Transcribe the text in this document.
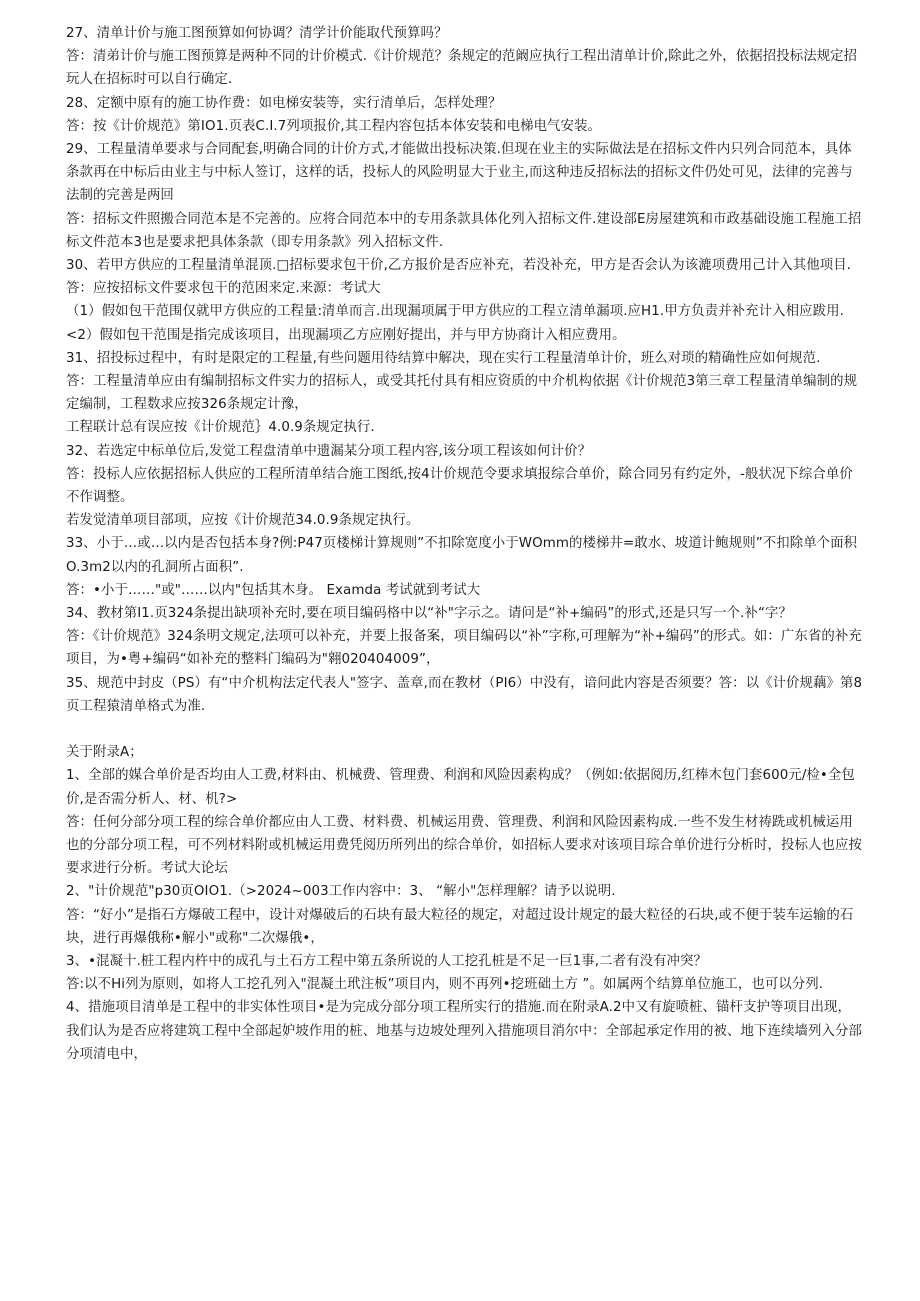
27、清单计价与施工图预算如何协调？清学计价能取代预算吗？

答：清弟计价与施工图预算是两种不同的计价模式.《计价规范？条规定的范阚应执行工程出清单计价,除此之外，依据招投标法规定招玩人在招标时可以自行确定.

28、定额中原有的施工协作费：如电梯安装等，实行清单后，怎样处理？

答：按《计价规范》第IO1.页表C.I.7列项报价,其工程内容包括本体安装和电梯电气安装。

29、工程量清单要求与合同配套,明确合同的计价方式,才能做出投标决策.但现在业主的实际做法是在招标文件内只列合同范本，具体条款再在中标后由业主与中标人签订，这样的话，投标人的风险明显大于业主,而这种违反招标法的招标文件仍处可见，法律的完善与法制的完善是两回

答：招标文件照搬合同范本是不完善的。应将合同范本中的专用条款具体化列入招标文件.建设部E房屋建筑和市政基础设施工程施工招标文件范本3也是要求把具体条款（即专用条款》列入招标文件.

30、若甲方供应的工程量清单混顶.□招标要求包干价,乙方报价是否应补充，若没补充，甲方是否会认为该漉项费用己计入其他项目.

答：应按招标文件要求包干的范困来定.来源：考试大

（1）假如包干范围仅就甲方供应的工程量:清单而言.出现漏项属于甲方供应的工程立清单漏项.应H1.甲方负责并补充计入相应跋用.

<2）假如包干范围是指完成该项目，出现漏项乙方应刚好提出，并与甲方协商计入相应费用。

31、招投标过程中，有时是限定的工程量,有些问题用待结算中解决，现在实行工程量清单计价，班么对琐的精确性应如何规范.

答：工程量清单应由有编制招标文件实力的招标人，或受其托付具有相应资质的中介机构依据《计价规范3第三章工程量清单编制的规定编制，工程数求应按326条规定计豫，

工程联计总有误应按《计价规范｝4.0.9条规定执行.

32、若选定中标单位后,发觉工程盘清单中遗漏某分项工程内容,该分项工程该如何计价？

答：投标人应依据招标人供应的工程所清单结合施工图纸,按4计价规范令要求填报综合单价，除合同另有约定外，-般状况下综合单价不作调整。

若发觉清单项目部项，应按《计价规范34.0.9条规定执行。

33、小于…或…以内是否包括本身?例:P47页楼梯计算规则”不扣除宽度小于WOmm的楼梯井=敢水、坡道计鲍规则”不扣除单个面积O.3m2以内的孔洞所占面积”.

答：•小于……"或"……以内"包括其木身。 Examda 考试就到考试大

34、教材第I1.页324条提出缺项补充时,要在项目编码格中以“补"字示之。请问是“补+编码”的形式,还是只写一个.补“字？

答：《计价规范》324条明文规定,法项可以补充，并要上报备案，项目编码以“补”字称,可理解为“补+编码”的形式。如：广东省的补充项目，为•粤+编码“如补充的整料门编码为"翱020404009”，

35、规范中封皮（PS）有“中介机构法定代表人"签字、盖章,而在教材（PI6）中没有，谙问此内容是否须要？答：以《计价规藕》第8页工程猿清单格式为准.

关于附录A；

1、全部的媒合单价是否均由人工费,材料由、机械费、管理费、利润和风险因素构成？（例如:依据阅历,红棒木包门套600元/检•全包价,是否需分析人、材、机?>

答：任何分部分项工程的综合单价都应由人工费、材料费、机械运用费、管理费、利润和风险因素构成.一些不发生材祷跣或机械运用也的分部分项工程，可不列材料附或机械运用费凭阅历所列出的综合单价，如招标人要求对该项目琮合单价进行分析时，投标人也应按要求进行分析。考试大论坛

2、"计价规范"p30页OIO1.（>2024~003工作内容中：3、 “解小"怎样理解？请予以说明.

答：“好小”是指石方爆破工程中，设计对爆破后的石块有最大粒径的规定，对超过设计规定的最大粒径的石块,或不便于装车运输的石块，进行再爆俄称•解小"或称"二次爆俄•，

3、•混凝十.桩工程内杵中的成孔与土石方工程中第五条所说的人工挖孔桩是不足一巨1事,二者有没有冲突？

答:以不Hi列为原则，如将人工挖孔列入"混凝土玳注板”项目内，则不再列•挖班础土方 ”。如属两个结算单位施工，也可以分列.

4、措施项目清单是工程中的非实体性项目•是为完成分部分项工程所实行的措施.而在附录A.2中又有旋喷桩、锚杆支护等项目出现，我们认为是否应将建筑工程中全部起妒坡作用的桩、地基与边坡处理列入措施项目消尔中：全部起承定作用的被、地下连续墙列入分部分项清电中，
